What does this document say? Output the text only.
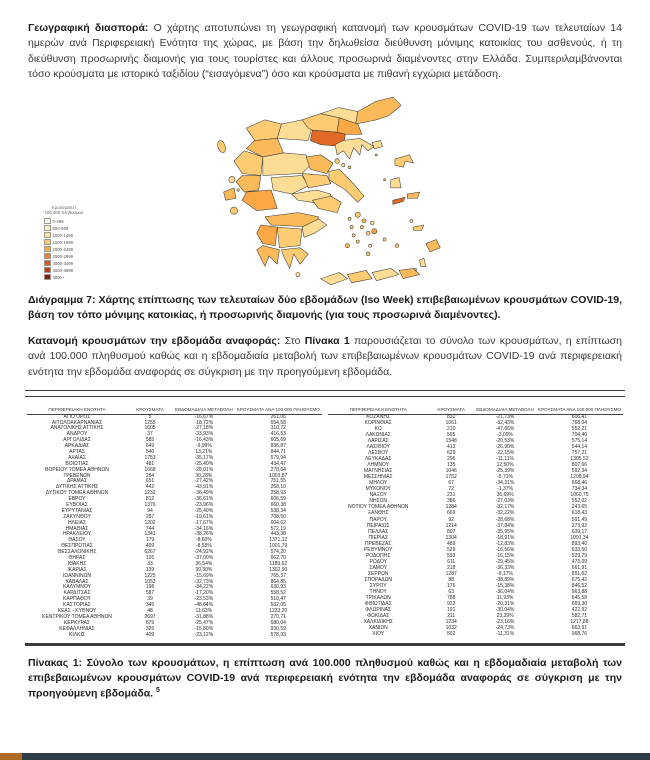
Γεωγραφική διασπορά: Ο χάρτης αποτυπώνει τη γεωγραφική κατανομή των κρουσμάτων COVID-19 των τελευταίων 14 ημερών ανά Περιφερειακή Ενότητα της χώρας, με βάση την δηλωθείσα διεύθυνση μόνιμης κατοικίας του ασθενούς, ή τη διεύθυνση προσωρινής διαμονής για τους τουρίστες και άλλους προσωρινά διαμένοντες στην Ελλάδα. Συμπεριλαμβάνονται τόσο κρούσματα με ιστορικό ταξιδίου (“εισαγόμενα”) όσο και κρούσματα με πιθανή εγχώρια μετάδοση.

Κρούσματα /
100.000 πληθυσμού
0-499
500-999
1000-1499
1500-1999
2000-2499
2500-2999
3000-3499
3500-3999
4000+

Διάγραμμα 7: Χάρτης επίπτωσης των τελευταίων δύο εβδομάδων (Iso Week) επιβεβαιωμένων κρουσμάτων COVID-19, βάση τον τόπο μόνιμης κατοικίας, ή προσωρινής διαμονής (για τους προσωρινά διαμένοντες).

Κατανομή κρουσμάτων την εβδομάδα αναφοράς: Στο Πίνακα 1 παρουσιάζεται το σύνολο των κρουσμάτων, η επίπτωση ανά 100.000 πληθυσμού καθώς και η εβδομαδιαία μεταβολή των επιβεβαιωμένων κρουσμάτων COVID-19 ανά περιφερειακή ενότητα την εβδομάδα αναφοράς σε σύγκριση με την προηγούμενη εβδομάδα.

ΠΕΡΙΦΕΡΕΙΑΚΗ ΕΝΟΤΗΤΑ	ΚΡΟΥΣΜΑΤΑ	ΕΒΔΟΜΑΔΙΑΙΑ ΜΕΤΑΒΟΛΗ	ΚΡΟΥΣΜΑΤΑ ΑΝΑ 100.000 ΠΛΗΘΥΣΜΟ
ΑΓΙΟ ΟΡΟΣ	5	-16,67%	261,06
ΑΙΤΩΛΟΑΚΑΡΝΑΝΙΑΣ	1255	-18,72%	654,58
ΑΝΑΤΟΛΙΚΗΣ ΑΤΤΙΚΗΣ	1605	-27,18%	310,72
ΑΝΔΡΟΥ	37	-33,93%	416,53
ΑΡΓΟΛΙΔΑΣ	585	-16,43%	605,69
ΑΡΚΑΔΙΑΣ	649	-9,99%	836,87
ΑΡΤΑΣ	540	13,21%	844,71
ΑΧΑΪΑΣ	1753	-35,17%	579,94
ΒΟΙΩΤΙΑΣ	481	-25,40%	434,47
ΒΟΡΕΙΟΥ ΤΟΜΕΑ ΑΘΗΝΩΝ	1668	-28,01%	278,54
ΓΡΕΒΕΝΩΝ	284	30,28%	1003,87
ΔΡΑΜΑΣ	651	-27,42%	751,55
ΔΥΤΙΚΗΣ ΑΤΤΙΚΗΣ	442	-43,91%	268,10
ΔΥΤΙΚΟΥ ΤΟΜΕΑ ΑΘΗΝΩΝ	1232	-36,49%	258,93
ΕΒΡΟΥ	812	-36,61%	606,59
ΕΥΒΟΙΑΣ	1376	-23,96%	660,38
ΕΥΡΥΤΑΝΙΑΣ	94	-25,40%	538,34
ΖΑΚΥΝΘΟΥ	287	-19,61%	708,50
ΗΛΕΙΑΣ	1202	-17,67%	604,62
ΗΜΑΘΙΑΣ	744	-34,16%	572,19
ΗΡΑΚΛΕΙΟΥ	1341	-38,26%	443,38
ΘΑΣΟΥ	179	-8,60%	1371,12
ΘΕΣΠΡΩΤΙΑΣ	409	-8,53%	1001,79
ΘΕΣΣΑΛΟΝΙΚΗΣ	6267	-24,92%	574,20
ΘΗΡΑΣ	126	-37,00%	662,70
ΙΘΑΚΗΣ	33	36,54%	1189,62
ΙΚΑΡΙΑΣ	139	30,30%	1302,90
ΙΩΑΝΝΙΝΩΝ	1225	-15,69%	765,37
ΚΑΒΑΛΑΣ	1053	-32,73%	864,85
ΚΑΛΥΜΝΟΥ	198	-34,22%	630,93
ΚΑΡΔΙΤΣΑΣ	587	-17,20%	558,52
ΚΑΡΠΑΘΟΥ	39	-23,53%	510,47
ΚΑΣΤΟΡΙΑΣ	345	-48,64%	532,05
ΚΕΑΣ - ΚΥΘΝΟΥ	48	11,63%	1233,20
ΚΕΝΤΡΙΚΟΥ ΤΟΜΕΑ ΑΘΗΝΩΝ	2697	-31,88%	270,71
ΚΕΡΚΥΡΑΣ	679	-25,47%	680,04
ΚΕΦΑΛΛΗΝΙΑΣ	325	-15,80%	930,59
ΚΙΛΚΙΣ	409	-23,12%	578,93
ΠΕΡΙΦΕΡΕΙΑΚΗ ΕΝΟΤΗΤΑ	ΚΡΟΥΣΜΑΤΑ	ΕΒΔΟΜΑΔΙΑΙΑ ΜΕΤΑΒΟΛΗ	ΚΡΟΥΣΜΑΤΑ ΑΝΑ 100.000 ΠΛΗΘΥΣΜΟ
ΚΟΖΑΝΗΣ	832	-21,73%	606,41
ΚΟΡΙΝΘΙΑΣ	1061	-32,43%	768,04
ΚΩ	210	-47,66%	552,21
ΛΑΚΩΝΙΑΣ	595	-3,09%	704,40
ΛΑΡΙΣΑΣ	1548	-20,53%	575,14
ΛΑΣΙΘΙΟΥ	413	-26,90%	544,14
ΛΕΣΒΟΥ	629	-22,15%	757,21
ΛΕΥΚΑΔΑΣ	296	-11,11%	1305,52
ΛΗΜΝΟΥ	135	12,50%	807,66
ΜΑΓΝΗΣΙΑΣ	1046	-25,39%	592,34
ΜΕΣΣΗΝΙΑΣ	1752	-5,71%	1208,94
ΜΗΛΟΥ	67	-34,31%	668,46
ΜΥΚΟΝΟΥ	72	-1,37%	734,34
ΝΑΞΟΥ	231	36,69%	1060,75
ΝΗΣΩΝ	386	-27,03%	552,02
ΝΟΤΙΟΥ ΤΟΜΕΑ ΑΘΗΝΩΝ	1284	-32,17%	243,65
ΞΑΝΘΗΣ	669	-32,22%	618,43
ΠΑΡΟΥ	92	-28,68%	591,49
ΠΕΙΡΑΙΩΣ	1214	-37,84%	273,92
ΠΕΛΛΑΣ	807	-35,95%	639,17
ΠΙΕΡΙΑΣ	1304	-18,91%	1091,34
ΠΡΕΒΕΖΑΣ	489	-12,83%	893,40
ΡΕΘΥΜΝΟΥ	529	-16,56%	633,50
ΡΟΔΟΠΗΣ	593	-16,15%	529,79
ΡΟΔΟΥ	611	-29,45%	473,09
ΣΑΜΟΥ	218	-36,33%	661,91
ΣΕΡΡΩΝ	1287	-9,17%	851,62
ΣΠΟΡΑΔΩΝ	88	-38,89%	675,42
ΣΥΡΟΥ	176	-15,38%	846,52
ΤΗΝΟΥ	63	-36,04%	963,88
ΤΡΙΚΑΛΩΝ	788	11,93%	645,58
ΦΘΙΩΤΙΔΑΣ	922	-20,31%	669,30
ΦΛΩΡΙΝΑΣ	191	-30,04%	422,92
ΦΩΚΙΔΑΣ	211	23,39%	582,71
ΧΑΛΚΙΔΙΚΗΣ	1234	-23,16%	1217,88
ΧΑΝΙΩΝ	1032	-24,73%	663,91
ΧΙΟΥ	502	-11,31%	968,76

Πίνακας 1: Σύνολο των κρουσμάτων, η επίπτωση ανά 100.000 πληθυσμού καθώς και η εβδομαδιαία μεταβολή των επιβεβαιωμένων κρουσμάτων COVID-19 ανά περιφερειακή ενότητα την εβδομάδα αναφοράς σε σύγκριση με την προηγούμενη εβδομάδα. $^5$
